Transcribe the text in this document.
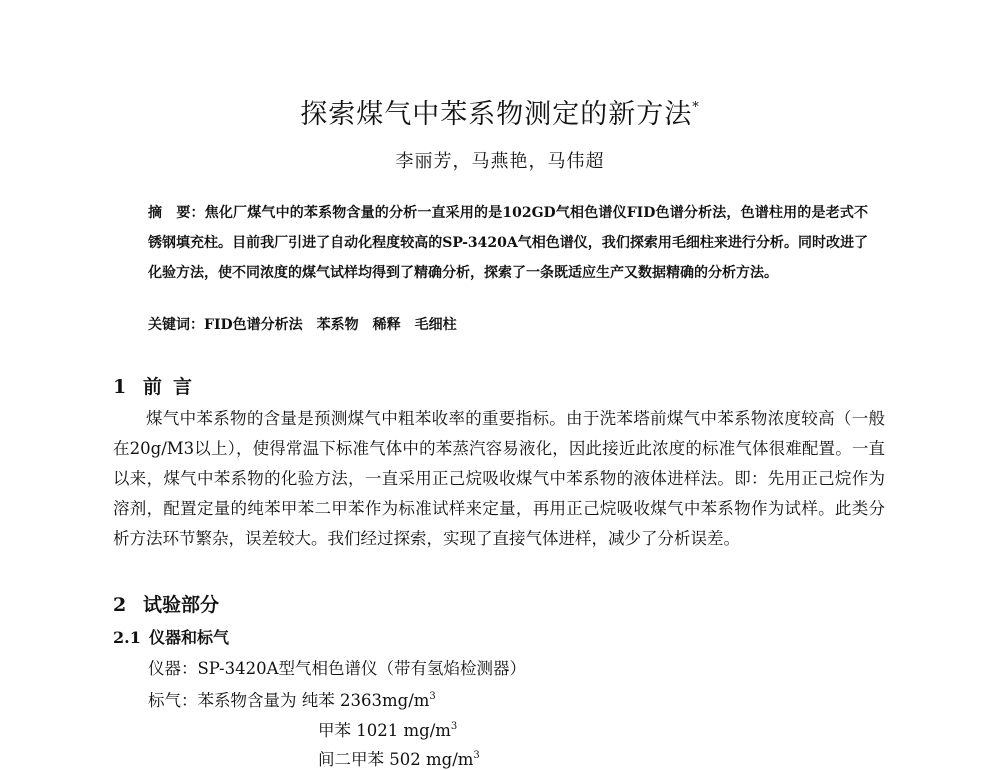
探索煤气中苯系物测定的新方法*
李丽芳，马燕艳，马伟超
摘　要：焦化厂煤气中的苯系物含量的分析一直采用的是102GD气相色谱仪FID色谱分析法，色谱柱用的是老式不锈钢填充柱。目前我厂引进了自动化程度较高的SP-3420A气相色谱仪，我们探索用毛细柱来进行分析。同时改进了化验方法，使不同浓度的煤气试样均得到了精确分析，探索了一条既适应生产又数据精确的分析方法。
关键词：FID色谱分析法 苯系物 稀释 毛细柱
1 前言

煤气中苯系物的含量是预测煤气中粗苯收率的重要指标。由于洗苯塔前煤气中苯系物浓度较高（一般在20g/M3以上），使得常温下标准气体中的苯蒸汽容易液化，因此接近此浓度的标准气体很难配置。一直以来，煤气中苯系物的化验方法，一直采用正己烷吸收煤气中苯系物的液体进样法。即：先用正己烷作为溶剂，配置定量的纯苯甲苯二甲苯作为标准试样来定量，再用正己烷吸收煤气中苯系物作为试样。此类分析方法环节繁杂，误差较大。我们经过探索，实现了直接气体进样，减少了分析误差。

2 试验部分
2.1 仪器和标气
仪器：SP-3420A型气相色谱仪（带有氢焰检测器）
标气：苯系物含量为 纯苯 $2363mg/m^3$
甲苯 1021 $mg/m^3$
间二甲苯 502 $mg/m^3$
